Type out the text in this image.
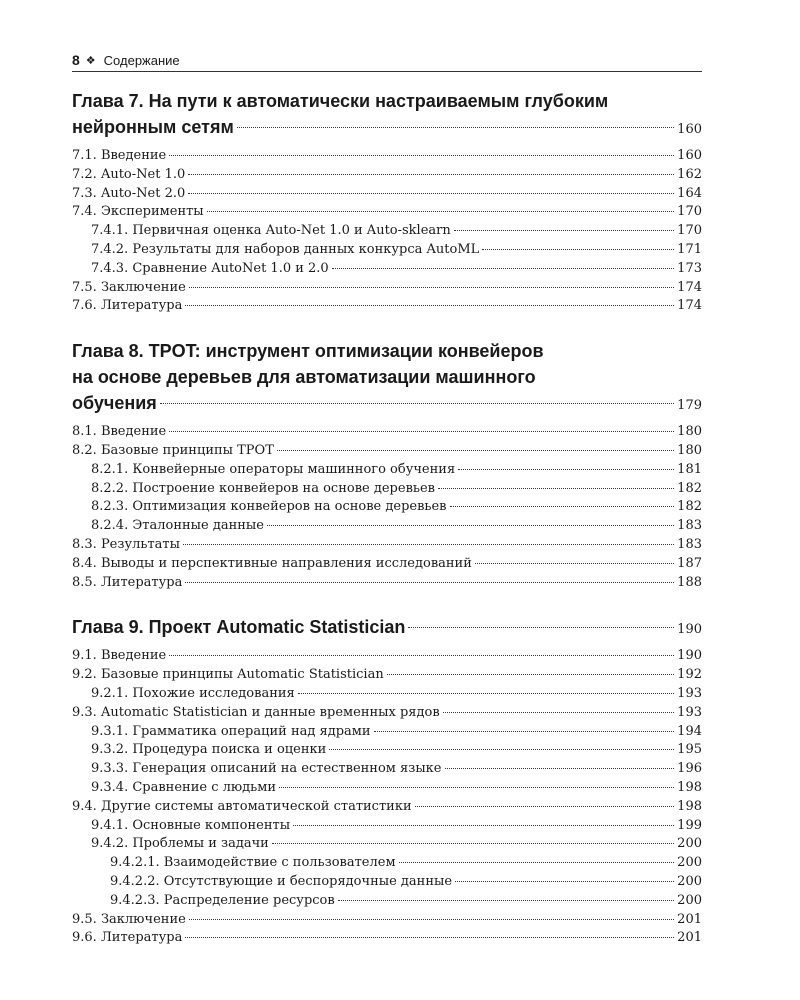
8 ❖ Содержание
Глава 7. На пути к автоматически настраиваемым глубоким
нейронным сетям	160
7.1. Введение	160
7.2. Auto-Net 1.0	162
7.3. Auto-Net 2.0	164
7.4. Эксперименты	170
7.4.1. Первичная оценка Auto-Net 1.0 и Auto-sklearn	170
7.4.2. Результаты для наборов данных конкурса AutoML	171
7.4.3. Сравнение AutoNet 1.0 и 2.0	173
7.5. Заключение	174
7.6. Литература	174
Глава 8. TPOT: инструмент оптимизации конвейеров
на основе деревьев для автоматизации машинного
обучения	179
8.1. Введение	180
8.2. Базовые принципы TPOT	180
8.2.1. Конвейерные операторы машинного обучения	181
8.2.2. Построение конвейеров на основе деревьев	182
8.2.3. Оптимизация конвейеров на основе деревьев	182
8.2.4. Эталонные данные	183
8.3. Результаты	183
8.4. Выводы и перспективные направления исследований	187
8.5. Литература	188
Глава 9. Проект Automatic Statistician	190
9.1. Введение	190
9.2. Базовые принципы Automatic Statistician	192
9.2.1. Похожие исследования	193
9.3. Automatic Statistician и данные временных рядов	193
9.3.1. Грамматика операций над ядрами	194
9.3.2. Процедура поиска и оценки	195
9.3.3. Генерация описаний на естественном языке	196
9.3.4. Сравнение с людьми	198
9.4. Другие системы автоматической статистики	198
9.4.1. Основные компоненты	199
9.4.2. Проблемы и задачи	200
9.4.2.1. Взаимодействие с пользователем	200
9.4.2.2. Отсутствующие и беспорядочные данные	200
9.4.2.3. Распределение ресурсов	200
9.5. Заключение	201
9.6. Литература	201
